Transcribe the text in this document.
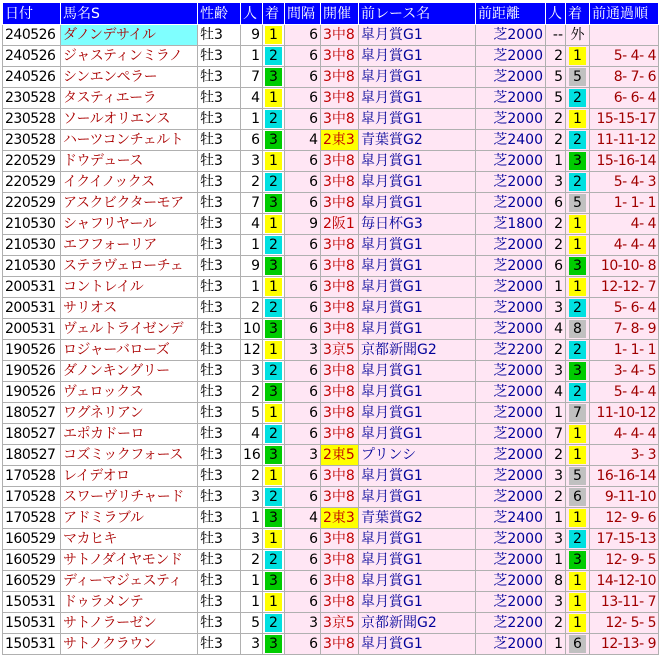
日付	馬名S	性齢	人	着	間隔	開催	前レース名	前距離	人	着	前通過順
240526	ダノンデサイル	牡3	9	1	6	3中8	皐月賞G1	芝2000	--	外	
240526	ジャスティンミラノ	牡3	1	2	6	3中8	皐月賞G1	芝2000	2	1	5- 4- 4
240526	シンエンペラー	牡3	7	3	6	3中8	皐月賞G1	芝2000	5	5	8- 7- 6
230528	タスティエーラ	牡3	4	1	6	3中8	皐月賞G1	芝2000	5	2	6- 6- 4
230528	ソールオリエンス	牡3	1	2	6	3中8	皐月賞G1	芝2000	2	1	15-15-17
230528	ハーツコンチェルト	牡3	6	3	4	2東3	青葉賞G2	芝2400	2	2	11-11-12
220529	ドウデュース	牡3	3	1	6	3中8	皐月賞G1	芝2000	1	3	15-16-14
220529	イクイノックス	牡3	2	2	6	3中8	皐月賞G1	芝2000	3	2	5- 4- 3
220529	アスクビクターモア	牡3	7	3	6	3中8	皐月賞G1	芝2000	6	5	1- 1- 1
210530	シャフリヤール	牡3	4	1	9	2阪1	毎日杯G3	芝1800	2	1	4- 4
210530	エフフォーリア	牡3	1	2	6	3中8	皐月賞G1	芝2000	2	1	4- 4- 4
210530	ステラヴェローチェ	牡3	9	3	6	3中8	皐月賞G1	芝2000	6	3	10-10- 8
200531	コントレイル	牡3	1	1	6	3中8	皐月賞G1	芝2000	1	1	12-12- 7
200531	サリオス	牡3	2	2	6	3中8	皐月賞G1	芝2000	3	2	5- 6- 4
200531	ヴェルトライゼンデ	牡3	10	3	6	3中8	皐月賞G1	芝2000	4	8	7- 8- 9
190526	ロジャーバローズ	牡3	12	1	3	3京5	京都新聞G2	芝2200	2	2	1- 1- 1
190526	ダノンキングリー	牡3	3	2	6	3中8	皐月賞G1	芝2000	3	3	3- 4- 5
190526	ヴェロックス	牡3	2	3	6	3中8	皐月賞G1	芝2000	4	2	5- 4- 4
180527	ワグネリアン	牡3	5	1	6	3中8	皐月賞G1	芝2000	1	7	11-10-12
180527	エポカドーロ	牡3	4	2	6	3中8	皐月賞G1	芝2000	7	1	4- 4- 4
180527	コズミックフォース	牡3	16	3	3	2東5	プリンシ	芝2000	2	1	3- 3
170528	レイデオロ	牡3	2	1	6	3中8	皐月賞G1	芝2000	3	5	16-16-14
170528	スワーヴリチャード	牡3	3	2	6	3中8	皐月賞G1	芝2000	2	6	9-11-10
170528	アドミラブル	牡3	1	3	4	2東3	青葉賞G2	芝2400	1	1	12- 9- 6
160529	マカヒキ	牡3	3	1	6	3中8	皐月賞G1	芝2000	3	2	17-15-13
160529	サトノダイヤモンド	牡3	2	2	6	3中8	皐月賞G1	芝2000	1	3	12- 9- 5
160529	ディーマジェスティ	牡3	1	3	6	3中8	皐月賞G1	芝2000	8	1	14-12-10
150531	ドゥラメンテ	牡3	1	1	6	3中8	皐月賞G1	芝2000	3	1	13-11- 7
150531	サトノラーゼン	牡3	5	2	3	3京5	京都新聞G2	芝2200	2	1	12- 5- 5
150531	サトノクラウン	牡3	3	3	6	3中8	皐月賞G1	芝2000	1	6	12-13- 9
